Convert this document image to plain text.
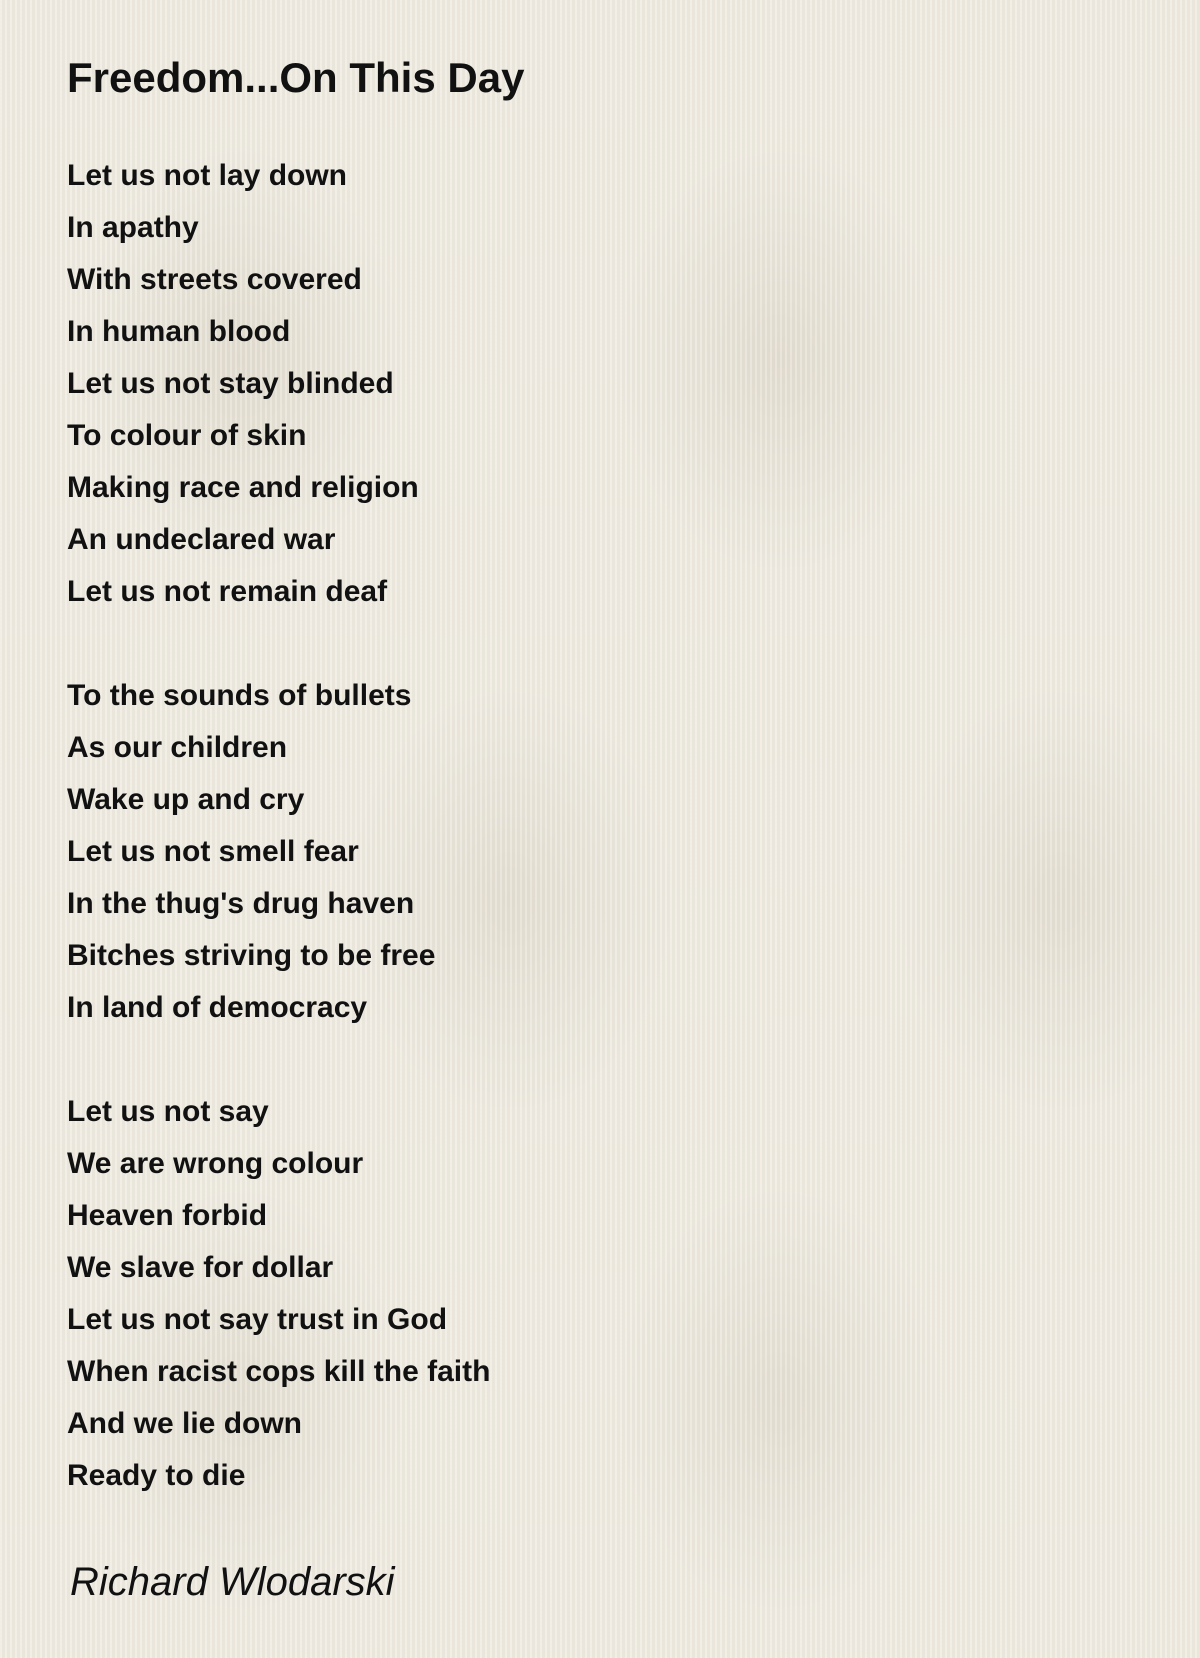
Freedom...On This Day
Let us not lay down
In apathy
With streets covered
In human blood
Let us not stay blinded
To colour of skin
Making race and religion
An undeclared war
Let us not remain deaf
To the sounds of bullets
As our children
Wake up and cry
Let us not smell fear
In the thug's drug haven
Bitches striving to be free
In land of democracy
Let us not say
We are wrong colour
Heaven forbid
We slave for dollar
Let us not say trust in God
When racist cops kill the faith
And we lie down
Ready to die

Richard Wlodarski
